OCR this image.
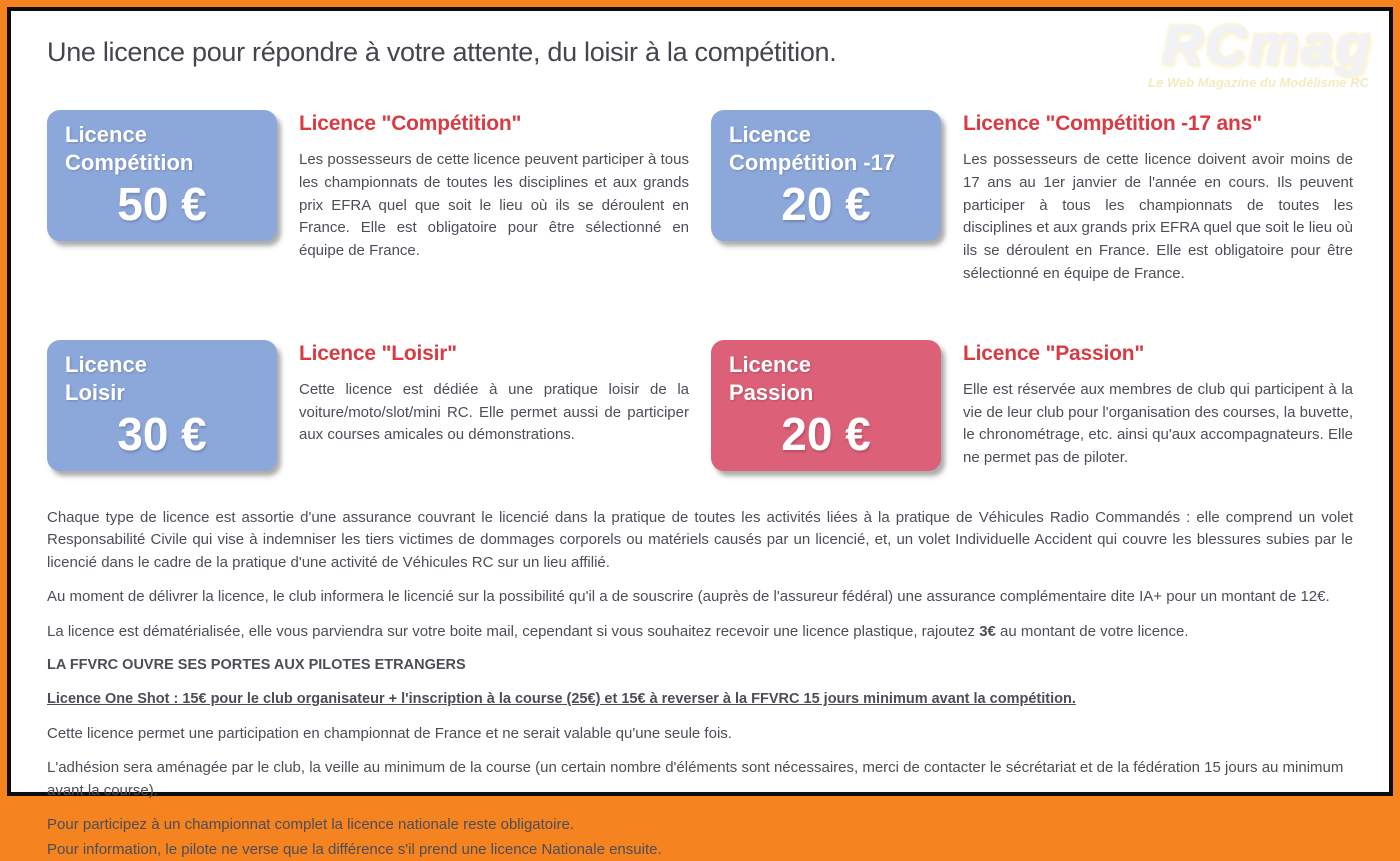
RCmag
Le Web Magazine du Modélisme RC
Une licence pour répondre à votre attente, du loisir à la compétition.
Licence
Compétition
50 €
Licence "Compétition"
Les possesseurs de cette licence peuvent participer à tous les championnats de toutes les disciplines et aux grands prix EFRA quel que soit le lieu où ils se déroulent en France. Elle est obligatoire pour être sélectionné en équipe de France.
Licence
Compétition -17
20 €
Licence "Compétition -17 ans"
Les possesseurs de cette licence doivent avoir moins de 17 ans au 1er janvier de l'année en cours. Ils peuvent participer à tous les championnats de toutes les disciplines et aux grands prix EFRA quel que soit le lieu où ils se déroulent en France. Elle est obligatoire pour être sélectionné en équipe de France.
Licence
Loisir
30 €
Licence "Loisir"
Cette licence est dédiée à une pratique loisir de la voiture/moto/slot/mini RC. Elle permet aussi de participer aux courses amicales ou démonstrations.
Licence
Passion
20 €
Licence "Passion"
Elle est réservée aux membres de club qui participent à la vie de leur club pour l'organisation des courses, la buvette, le chronométrage, etc. ainsi qu'aux accompagnateurs. Elle ne permet pas de piloter.
Chaque type de licence est assortie d'une assurance couvrant le licencié dans la pratique de toutes les activités liées à la pratique de Véhicules Radio Commandés : elle comprend un volet Responsabilité Civile qui vise à indemniser les tiers victimes de dommages corporels ou matériels causés par un licencié, et, un volet Individuelle Accident qui couvre les blessures subies par le licencié dans le cadre de la pratique d'une activité de Véhicules RC sur un lieu affilié.
Au moment de délivrer la licence, le club informera le licencié sur la possibilité qu'il a de souscrire (auprès de l'assureur fédéral) une assurance complémentaire dite IA+ pour un montant de 12€.
La licence est dématérialisée, elle vous parviendra sur votre boite mail, cependant si vous souhaitez recevoir une licence plastique, rajoutez 3€ au montant de votre licence.
LA FFVRC OUVRE SES PORTES AUX PILOTES ETRANGERS
Licence One Shot : 15€ pour le club organisateur + l'inscription à la course (25€) et 15€ à reverser à la FFVRC 15 jours minimum avant la compétition.
Cette licence permet une participation en championnat de France et ne serait valable qu'une seule fois.
L'adhésion sera aménagée par le club, la veille au minimum de la course (un certain nombre d'éléments sont nécessaires, merci de contacter le sécrétariat et de la fédération 15 jours au minimum avant la course).
Pour participez à un championnat complet la licence nationale reste obligatoire.
Pour information, le pilote ne verse que la différence s'il prend une licence Nationale ensuite.
